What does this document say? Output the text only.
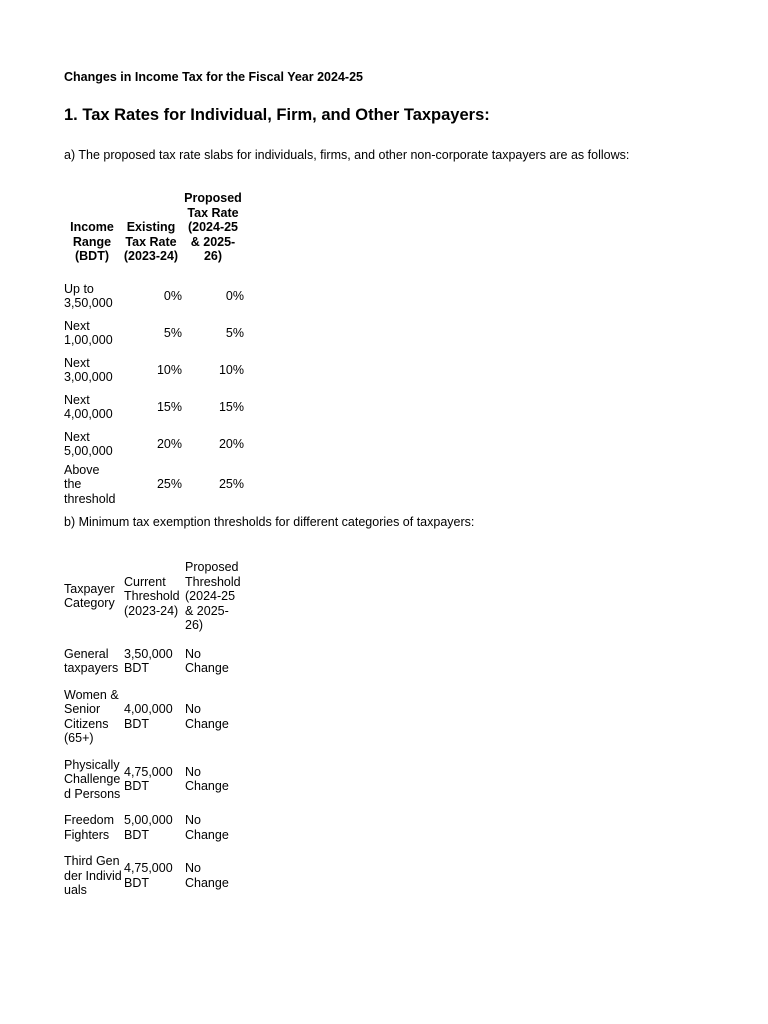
Changes in Income Tax for the Fiscal Year 2024-25
1. Tax Rates for Individual, Firm, and Other Taxpayers:
a) The proposed tax rate slabs for individuals, firms, and other non-corporate taxpayers are as follows:
Income Range (BDT)	Existing Tax Rate (2023-24)	Proposed Tax Rate (2024-25 & 2025-26)
Up to 3,50,000	0%	0%
Next 1,00,000	5%	5%
Next 3,00,000	10%	10%
Next 4,00,000	15%	15%
Next 5,00,000	20%	20%
Above the threshold	25%	25%
b) Minimum tax exemption thresholds for different categories of taxpayers:
Taxpayer Category	Current Threshold (2023-24)	Proposed Threshold (2024-25 & 2025-26)
General taxpayers	3,50,000 BDT	No Change
Women & Senior Citizens (65+)	4,00,000 BDT	No Change
Physically Challenged Persons	4,75,000 BDT	No Change
Freedom Fighters	5,00,000 BDT	No Change
Third Gender Individuals	4,75,000 BDT	No Change
